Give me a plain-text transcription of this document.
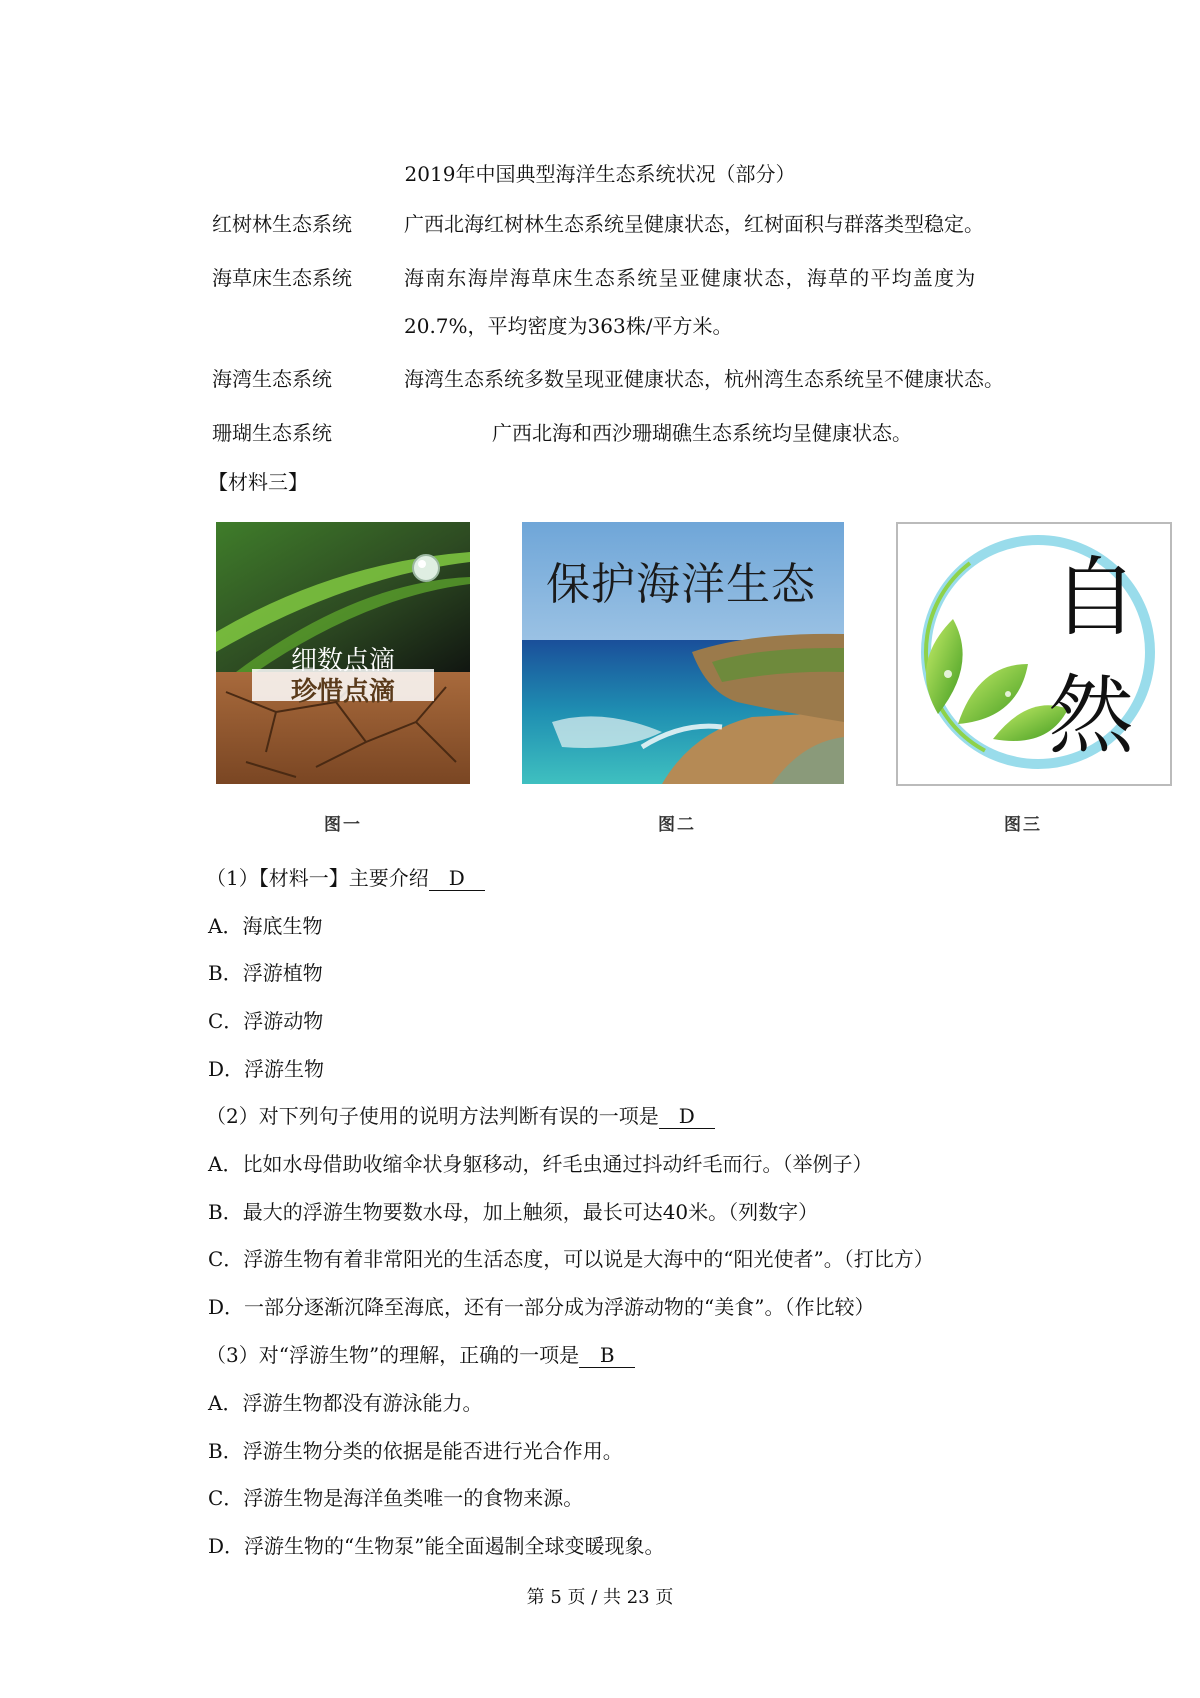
2019年中国典型海洋生态系统状况（部分）
红树林生态系统	广西北海红树林生态系统呈健康状态，红树面积与群落类型稳定。
海草床生态系统	海南东海岸海草床生态系统呈亚健康状态，海草的平均盖度为
20.7%，平均密度为363株/平方米。
海湾生态系统	海湾生态系统多数呈现亚健康状态，杭州湾生态系统呈不健康状态。
珊瑚生态系统	广西北海和西沙珊瑚礁生态系统均呈健康状态。
【材料三】
细数点滴
珍惜点滴
图一
保护海洋生态
图二
自
然
图三
（1）【材料一】主要介绍 D
A．海底生物
B．浮游植物
C．浮游动物
D．浮游生物
（2）对下列句子使用的说明方法判断有误的一项是 D
A．比如水母借助收缩伞状身躯移动，纤毛虫通过抖动纤毛而行。（举例子）
B．最大的浮游生物要数水母，加上触须，最长可达40米。（列数字）
C．浮游生物有着非常阳光的生活态度，可以说是大海中的“阳光使者”。（打比方）
D．一部分逐渐沉降至海底，还有一部分成为浮游动物的“美食”。（作比较）
（3）对“浮游生物”的理解，正确的一项是 B
A．浮游生物都没有游泳能力。
B．浮游生物分类的依据是能否进行光合作用。
C．浮游生物是海洋鱼类唯一的食物来源。
D．浮游生物的“生物泵”能全面遏制全球变暖现象。
第 5 页 / 共 23 页
